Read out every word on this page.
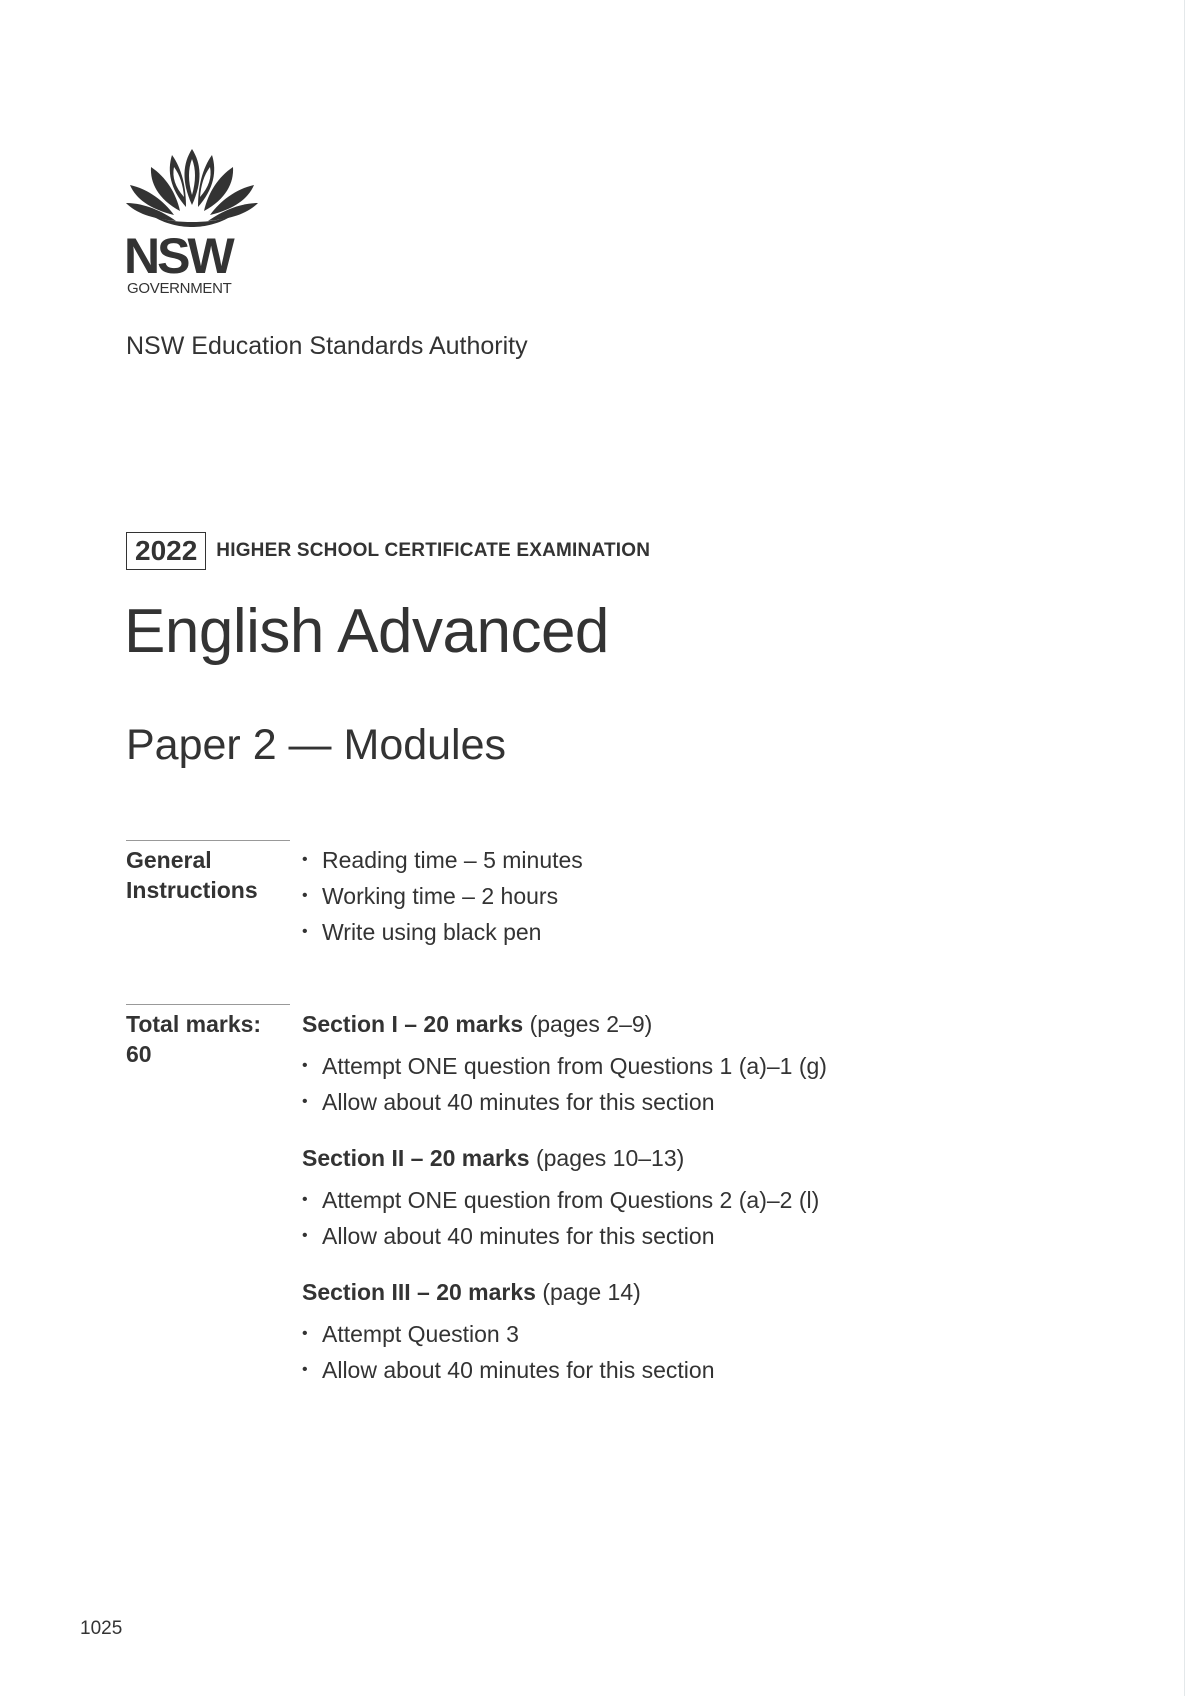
NSW
GOVERNMENT
NSW Education Standards Authority
2022	HIGHER SCHOOL CERTIFICATE EXAMINATION
English Advanced
Paper 2 — Modules
General
Instructions
• Reading time – 5 minutes
• Working time – 2 hours
• Write using black pen
Total marks:
60
Section I – 20 marks (pages 2–9)
• Attempt ONE question from Questions 1 (a)–1 (g)
• Allow about 40 minutes for this section
Section II – 20 marks (pages 10–13)
• Attempt ONE question from Questions 2 (a)–2 (l)
• Allow about 40 minutes for this section
Section III – 20 marks (page 14)
• Attempt Question 3
• Allow about 40 minutes for this section
1025
